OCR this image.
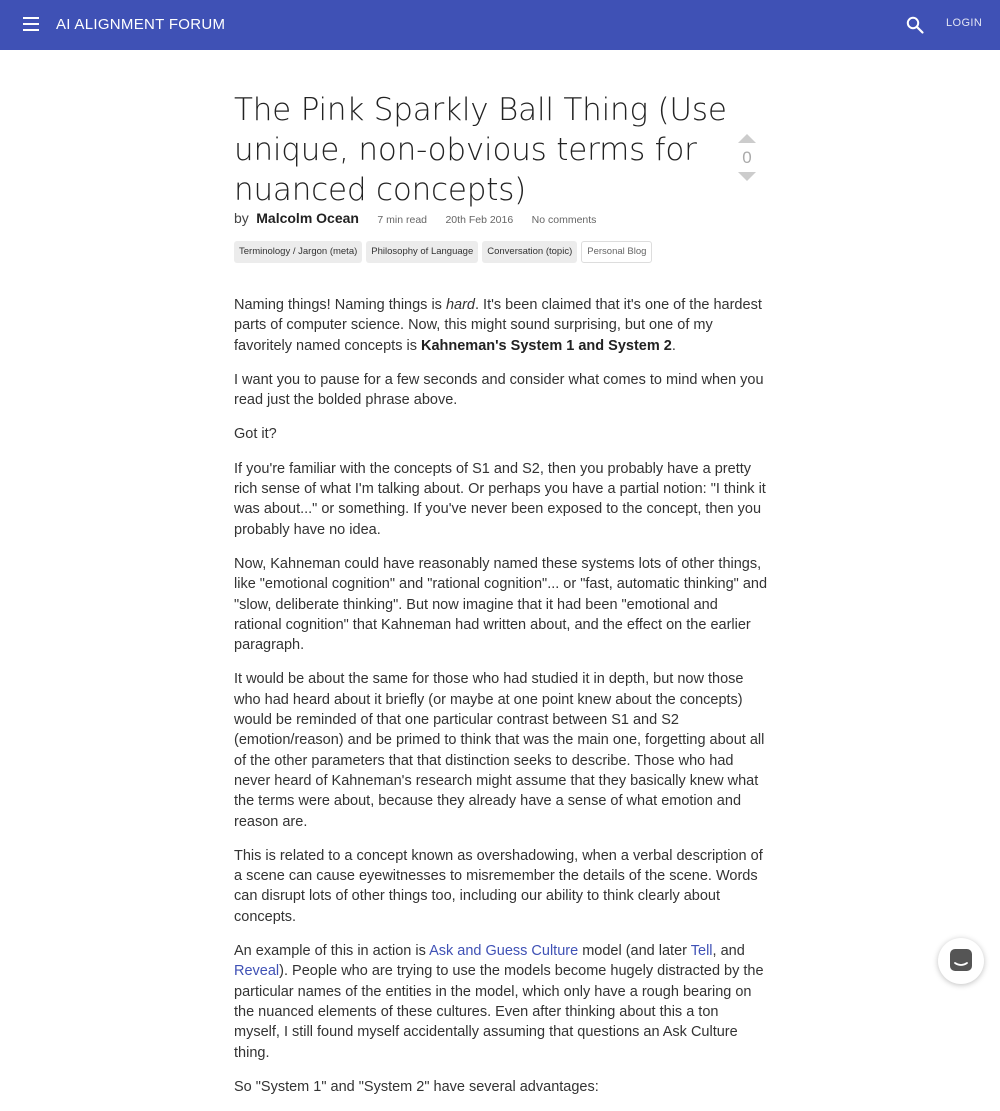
AI ALIGNMENT FORUM	LOGIN
The Pink Sparkly Ball Thing (Use unique, non-obvious terms for nuanced concepts)
0
by Malcolm Ocean 7 min read 20th Feb 2016 No comments
Terminology / Jargon (meta)	Philosophy of Language	Conversation (topic)	Personal Blog

Naming things! Naming things is hard. It's been claimed that it's one of the hardest parts of computer science. Now, this might sound surprising, but one of my favoritely named concepts is Kahneman's System 1 and System 2.

I want you to pause for a few seconds and consider what comes to mind when you read just the bolded phrase above.

Got it?

If you're familiar with the concepts of S1 and S2, then you probably have a pretty rich sense of what I'm talking about. Or perhaps you have a partial notion: "I think it was about..." or something. If you've never been exposed to the concept, then you probably have no idea.

Now, Kahneman could have reasonably named these systems lots of other things, like "emotional cognition" and "rational cognition"... or "fast, automatic thinking" and "slow, deliberate thinking". But now imagine that it had been "emotional and rational cognition" that Kahneman had written about, and the effect on the earlier paragraph.

It would be about the same for those who had studied it in depth, but now those who had heard about it briefly (or maybe at one point knew about the concepts) would be reminded of that one particular contrast between S1 and S2 (emotion/reason) and be primed to think that was the main one, forgetting about all of the other parameters that that distinction seeks to describe. Those who had never heard of Kahneman's research might assume that they basically knew what the terms were about, because they already have a sense of what emotion and reason are.

This is related to a concept known as overshadowing, when a verbal description of a scene can cause eyewitnesses to misremember the details of the scene. Words can disrupt lots of other things too, including our ability to think clearly about concepts.

An example of this in action is Ask and Guess Culture model (and later Tell, and Reveal). People who are trying to use the models become hugely distracted by the particular names of the entities in the model, which only have a rough bearing on the nuanced elements of these cultures. Even after thinking about this a ton myself, I still found myself accidentally assuming that questions an Ask Culture thing.

So "System 1" and "System 2" have several advantages:
